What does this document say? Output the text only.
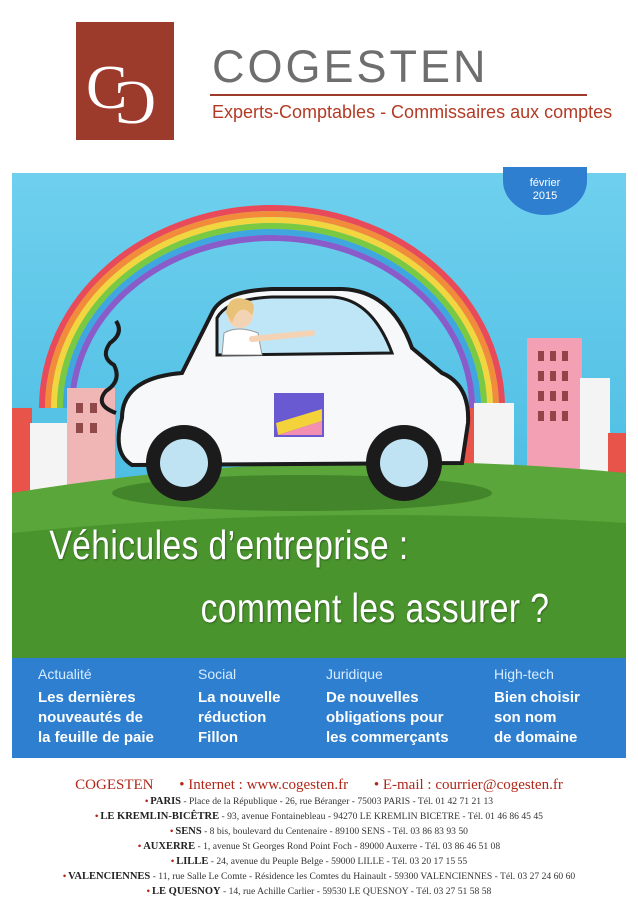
C
C
COGESTEN
Experts-Comptables - Commissaires aux comptes
février
2015
Véhicules d’entreprise :
comment les assurer ?
Actualité
Les dernières
nouveautés de
la feuille de paie
Social
La nouvelle
réduction
Fillon
Juridique
De nouvelles
obligations pour
les commerçants
High-tech
Bien choisir
son nom
de domaine
COGESTEN • Internet : www.cogesten.fr • E-mail : courrier@cogesten.fr
• PARIS - Place de la République - 26, rue Béranger - 75003 PARIS - Tél. 01 42 71 21 13
• LE KREMLIN-BICÊTRE - 93, avenue Fontainebleau - 94270 LE KREMLIN BICETRE - Tél. 01 46 86 45 45
• SENS - 8 bis, boulevard du Centenaire - 89100 SENS - Tél. 03 86 83 93 50
• AUXERRE - 1, avenue St Georges Rond Point Foch - 89000 Auxerre - Tél. 03 86 46 51 08
• LILLE - 24, avenue du Peuple Belge - 59000 LILLE - Tél. 03 20 17 15 55
• VALENCIENNES - 11, rue Salle Le Comte - Résidence les Comtes du Hainault - 59300 VALENCIENNES - Tél. 03 27 24 60 60
• LE QUESNOY - 14, rue Achille Carlier - 59530 LE QUESNOY - Tél. 03 27 51 58 58
